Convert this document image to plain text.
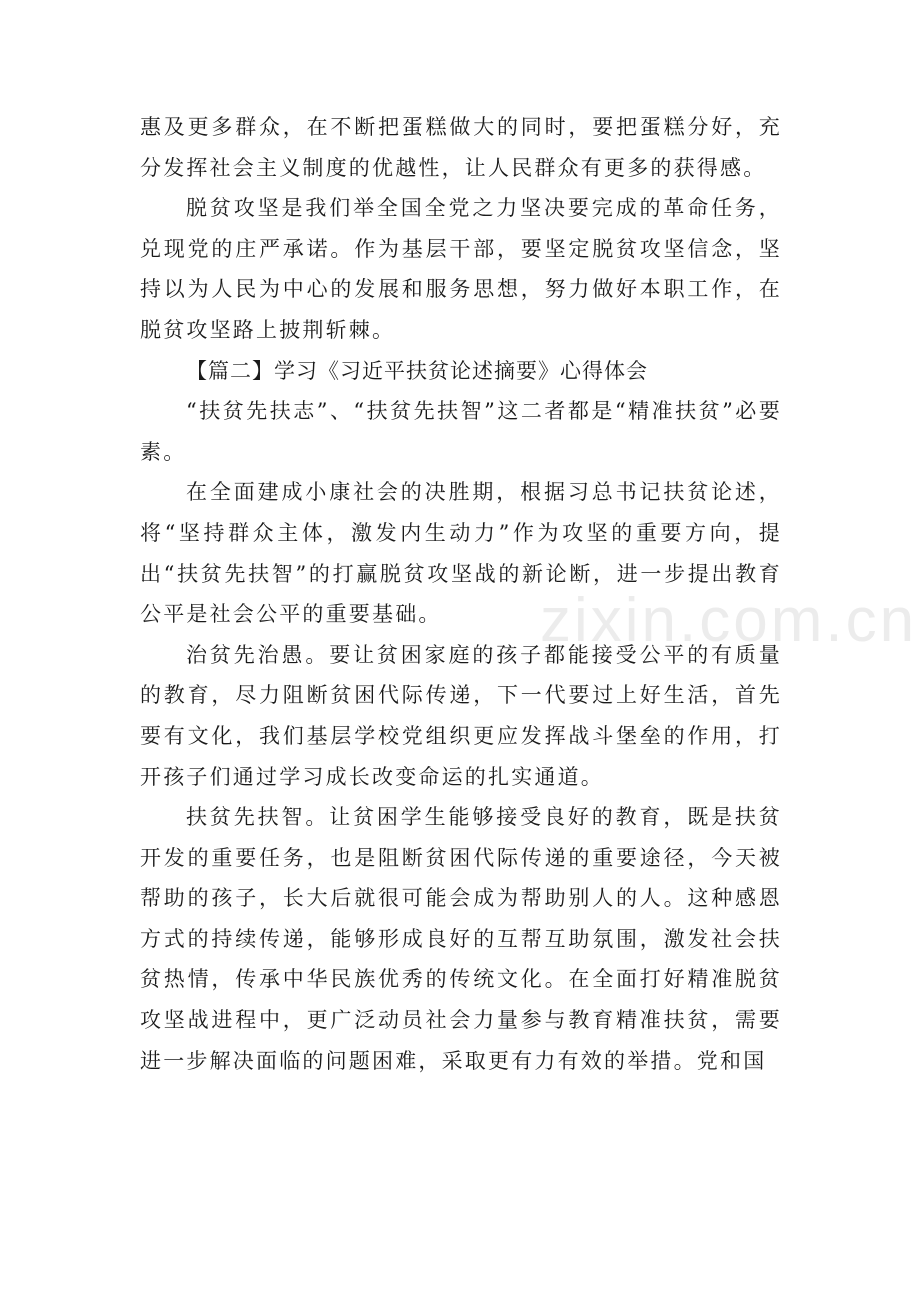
zixin.com.cn

惠及更多群众，在不断把蛋糕做大的同时，要把蛋糕分好，充分发挥社会主义制度的优越性，让人民群众有更多的获得感。

脱贫攻坚是我们举全国全党之力坚决要完成的革命任务，兑现党的庄严承诺。作为基层干部，要坚定脱贫攻坚信念，坚持以为人民为中心的发展和服务思想，努力做好本职工作，在脱贫攻坚路上披荆斩棘。

【篇二】学习《习近平扶贫论述摘要》心得体会

“扶贫先扶志”、“扶贫先扶智”这二者都是“精准扶贫”必要素。

在全面建成小康社会的决胜期，根据习总书记扶贫论述，将“坚持群众主体，激发内生动力”作为攻坚的重要方向，提出“扶贫先扶智”的打赢脱贫攻坚战的新论断，进一步提出教育公平是社会公平的重要基础。

治贫先治愚。要让贫困家庭的孩子都能接受公平的有质量的教育，尽力阻断贫困代际传递，下一代要过上好生活，首先要有文化，我们基层学校党组织更应发挥战斗堡垒的作用，打开孩子们通过学习成长改变命运的扎实通道。

扶贫先扶智。让贫困学生能够接受良好的教育，既是扶贫开发的重要任务，也是阻断贫困代际传递的重要途径，今天被帮助的孩子，长大后就很可能会成为帮助别人的人。这种感恩方式的持续传递，能够形成良好的互帮互助氛围，激发社会扶贫热情，传承中华民族优秀的传统文化。在全面打好精准脱贫攻坚战进程中，更广泛动员社会力量参与教育精准扶贫，需要进一步解决面临的问题困难，采取更有力有效的举措。党和国
